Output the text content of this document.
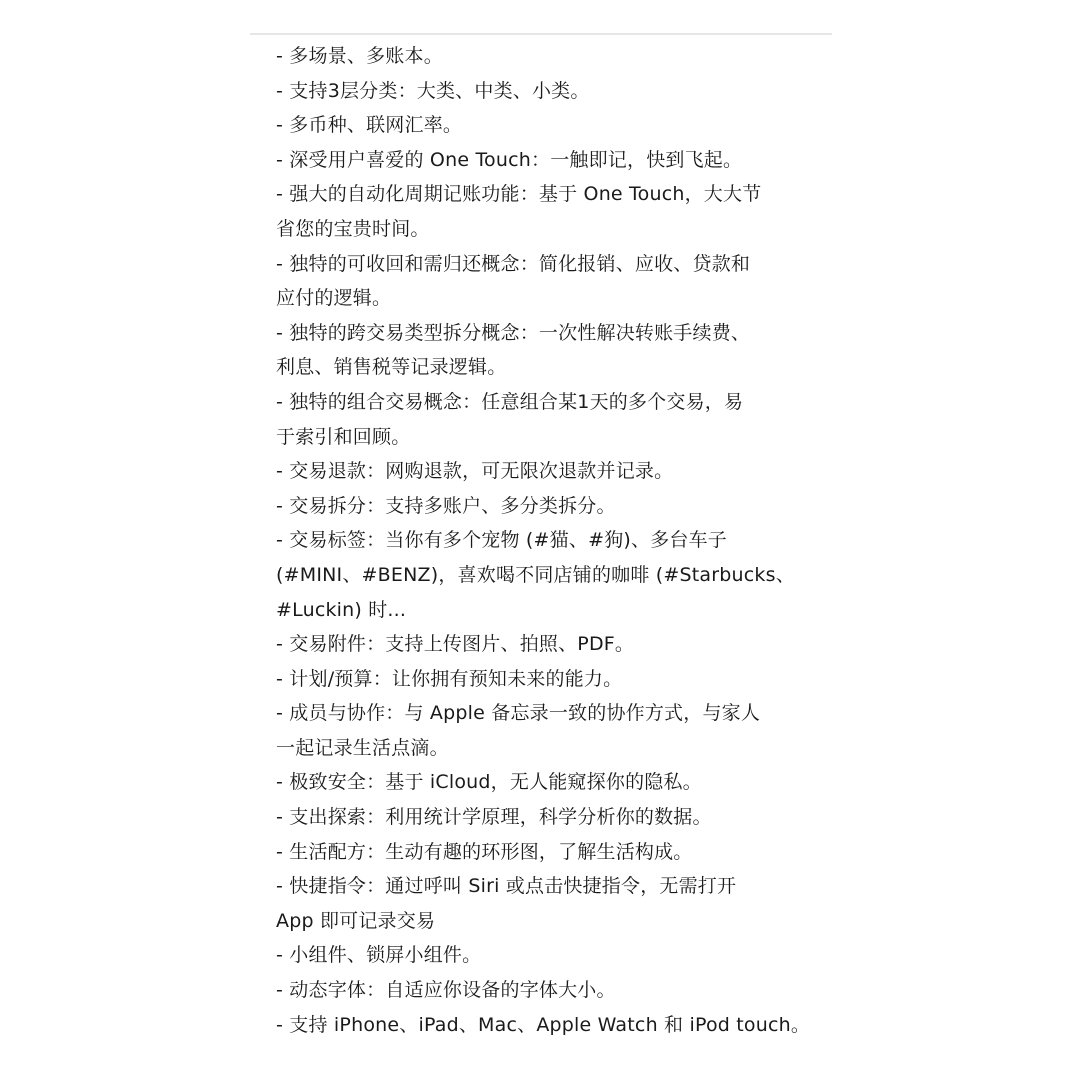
- 多场景、多账本。
- 支持3层分类：大类、中类、小类。
- 多币种、联网汇率。
- 深受用户喜爱的 One Touch：一触即记，快到飞起。
- 强大的自动化周期记账功能：基于 One Touch，大大节
省您的宝贵时间。
- 独特的可收回和需归还概念：简化报销、应收、贷款和
应付的逻辑。
- 独特的跨交易类型拆分概念：一次性解决转账手续费、
利息、销售税等记录逻辑。
- 独特的组合交易概念：任意组合某1天的多个交易，易
于索引和回顾。
- 交易退款：网购退款，可无限次退款并记录。
- 交易拆分：支持多账户、多分类拆分。
- 交易标签：当你有多个宠物 (#猫、#狗)、多台车子
(#MINI、#BENZ)，喜欢喝不同店铺的咖啡 (#Starbucks、
#Luckin) 时...
- 交易附件：支持上传图片、拍照、PDF。
- 计划/预算：让你拥有预知未来的能力。
- 成员与协作：与 Apple 备忘录一致的协作方式，与家人
一起记录生活点滴。
- 极致安全：基于 iCloud，无人能窥探你的隐私。
- 支出探索：利用统计学原理，科学分析你的数据。
- 生活配方：生动有趣的环形图，了解生活构成。
- 快捷指令：通过呼叫 Siri 或点击快捷指令，无需打开
App 即可记录交易
- 小组件、锁屏小组件。
- 动态字体：自适应你设备的字体大小。
- 支持 iPhone、iPad、Mac、Apple Watch 和 iPod touch。
